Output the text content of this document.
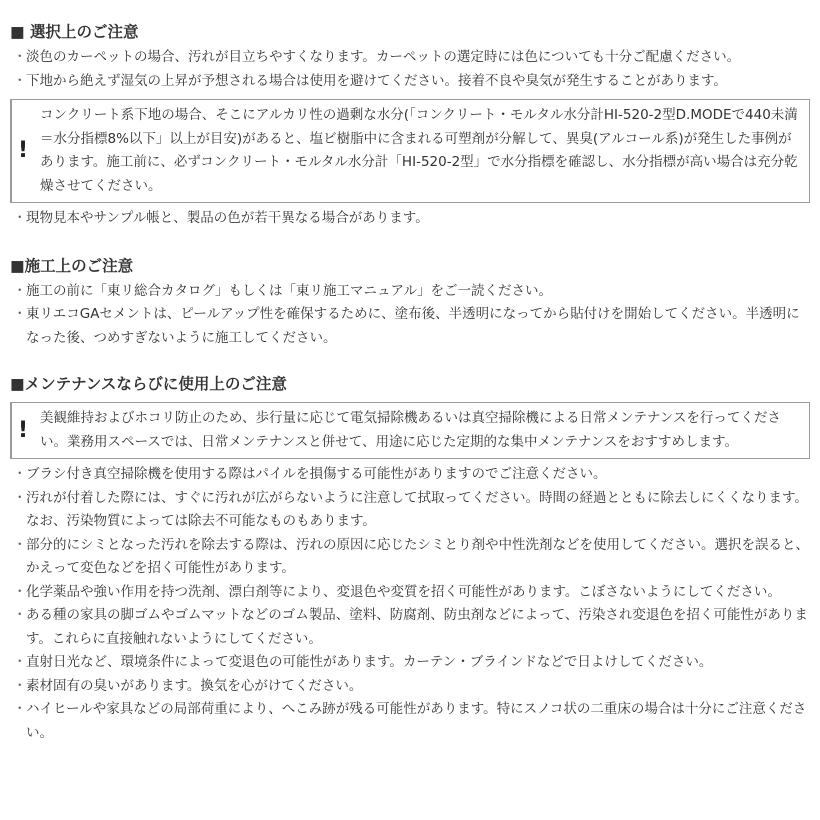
■ 選択上のご注意
・ 淡色のカーペットの場合、汚れが目立ちやすくなります。カーペットの選定時には色についても十分ご配慮ください。
・ 下地から絶えず湿気の上昇が予想される場合は使用を避けてください。接着不良や臭気が発生することがあります。
!
コンクリート系下地の場合、そこにアルカリ性の過剰な水分(「コンクリート・モルタル水分計HI-520-2型D.MODEで440未満＝水分指標8%以下」以上が目安)があると、塩ビ樹脂中に含まれる可塑剤が分解して、異臭(アルコール系)が発生した事例があります。施工前に、必ずコンクリート・モルタル水分計「HI-520-2型」で水分指標を確認し、水分指標が高い場合は充分乾燥させてください。
・ 現物見本やサンプル帳と、製品の色が若干異なる場合があります。
■施工上のご注意
・ 施工の前に「東リ総合カタログ」もしくは「東リ施工マニュアル」をご一読ください。
・ 東リエコGAセメントは、ピールアップ性を確保するために、塗布後、半透明になってから貼付けを開始してください。半透明になった後、つめすぎないように施工してください。
■メンテナンスならびに使用上のご注意
! 美観維持およびホコリ防止のため、歩行量に応じて電気掃除機あるいは真空掃除機による日常メンテナンスを行ってください。業務用スペースでは、日常メンテナンスと併せて、用途に応じた定期的な集中メンテナンスをおすすめします。
・ ブラシ付き真空掃除機を使用する際はパイルを損傷する可能性がありますのでご注意ください。
・ 汚れが付着した際には、すぐに汚れが広がらないように注意して拭取ってください。時間の経過とともに除去しにくくなります。なお、汚染物質によっては除去不可能なものもあります。
・ 部分的にシミとなった汚れを除去する際は、汚れの原因に応じたシミとり剤や中性洗剤などを使用してください。選択を誤ると、かえって変色などを招く可能性があります。
・ 化学薬品や強い作用を持つ洗剤、漂白剤等により、変退色や変質を招く可能性があります。こぼさないようにしてください。
・ ある種の家具の脚ゴムやゴムマットなどのゴム製品、塗料、防腐剤、防虫剤などによって、汚染され変退色を招く可能性があります。これらに直接触れないようにしてください。
・ 直射日光など、環境条件によって変退色の可能性があります。カーテン・ブラインドなどで日よけしてください。
・ 素材固有の臭いがあります。換気を心がけてください。
・ ハイヒールや家具などの局部荷重により、へこみ跡が残る可能性があります。特にスノコ状の二重床の場合は十分にご注意ください。
